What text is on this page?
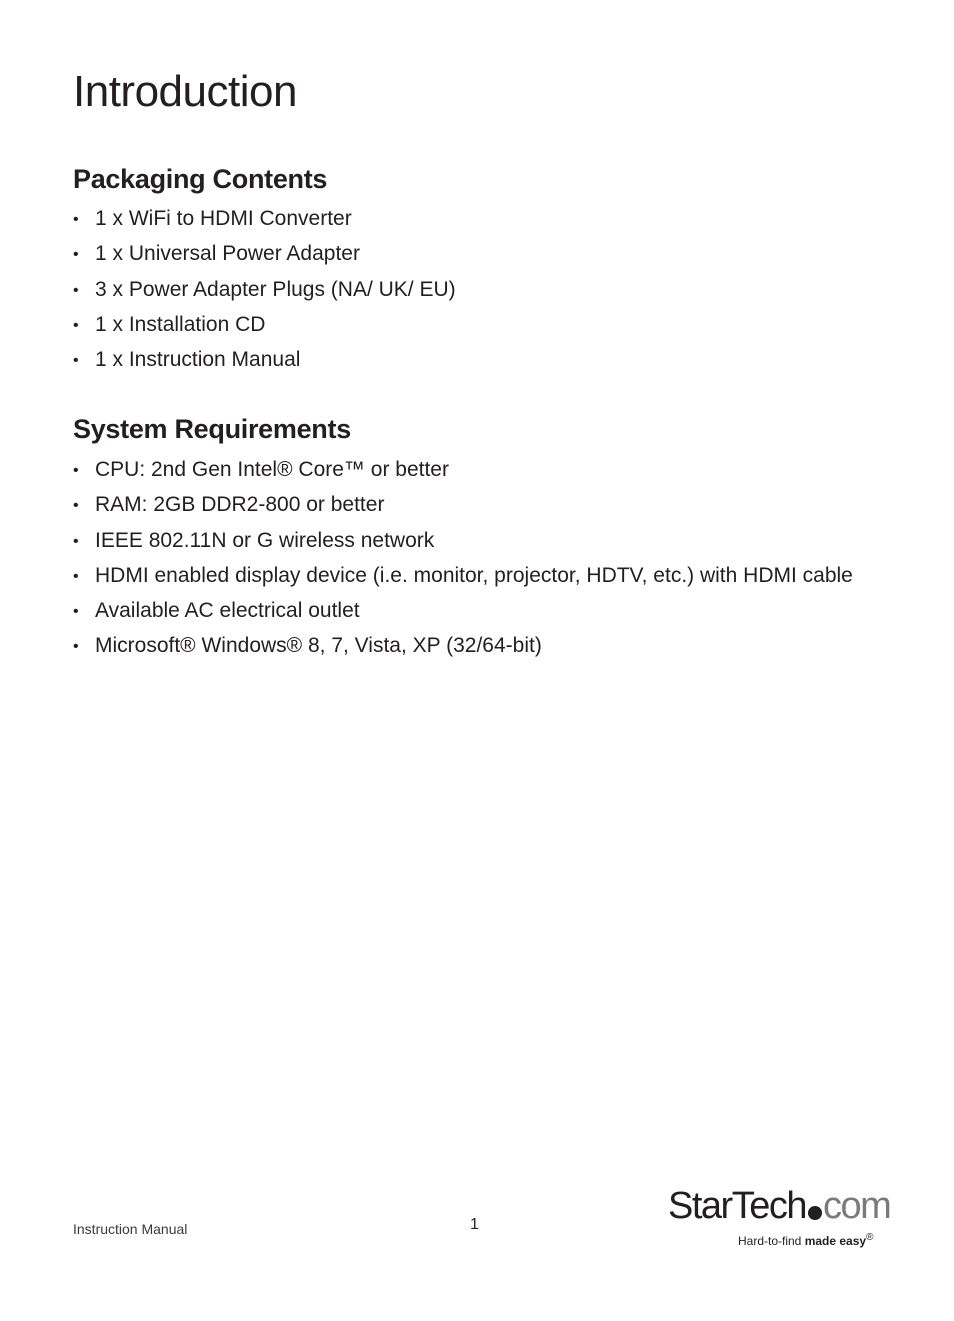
Introduction
Packaging Contents
• 1 x WiFi to HDMI Converter
• 1 x Universal Power Adapter
• 3 x Power Adapter Plugs (NA/ UK/ EU)
• 1 x Installation CD
• 1 x Instruction Manual
System Requirements
• CPU: 2nd Gen Intel® Core™ or better
• RAM: 2GB DDR2-800 or better
• IEEE 802.11N or G wireless network
• HDMI enabled display device (i.e. monitor, projector, HDTV, etc.) with HDMI cable
• Available AC electrical outlet
• Microsoft® Windows® 8, 7, Vista, XP (32/64-bit)
Instruction Manual	1	StarTech com
Hard-to-find made easy®
